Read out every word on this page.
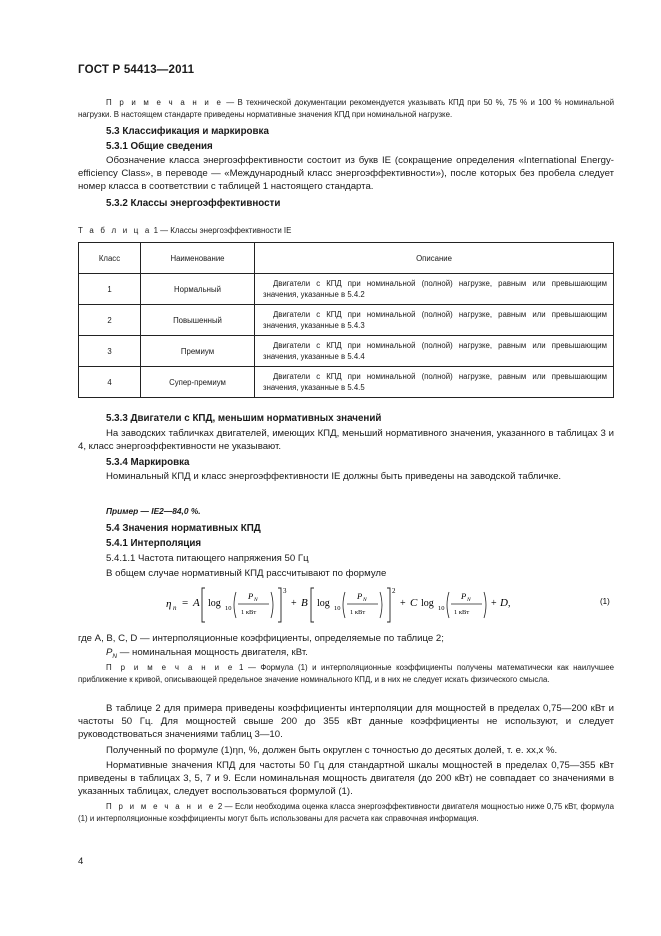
ГОСТ Р 54413—2011

П р и м е ч а н и е — В технической документации рекомендуется указывать КПД при 50 %, 75 % и 100 % номинальной нагрузки. В настоящем стандарте приведены нормативные значения КПД при номинальной нагрузке.

5.3 Классификация и маркировка
5.3.1 Общие сведения

Обозначение класса энергоэффективности состоит из букв IE (сокращение определения «International Energy-efficiency Class», в переводе — «Международный класс энергоэффективности»), после которых без пробела следует номер класса в соответствии с таблицей 1 настоящего стандарта.

5.3.2 Классы энергоэффективности
Т а б л и ц а 1 — Классы энергоэффективности IE
Класс	Наименование	Описание
1	Нормальный	Двигатели с КПД при номинальной (полной) нагрузке, равным или превышающим значения, указанные в 5.4.2
2	Повышенный	Двигатели с КПД при номинальной (полной) нагрузке, равным или превышающим значения, указанные в 5.4.3
3	Премиум	Двигатели с КПД при номинальной (полной) нагрузке, равным или превышающим значения, указанные в 5.4.4
4	Супер-премиум	Двигатели с КПД при номинальной (полной) нагрузке, равным или превышающим значения, указанные в 5.4.5
5.3.3 Двигатели с КПД, меньшим нормативных значений

На заводских табличках двигателей, имеющих КПД, меньший нормативного значения, указанного в таблицах 3 и 4, класс энергоэффективности не указывают.

5.3.4 Маркировка

Номинальный КПД и класс энергоэффективности IE должны быть приведены на заводской табличке.

Пример — IE2—84,0 %.
5.4 Значения нормативных КПД
5.4.1 Интерполяция
5.4.1.1 Частота питающего напряжения 50 Гц
В общем случае нормативный КПД рассчитывают по формуле
η n = A log 10
P N
1 кВт
3
+ B log 10
P N
1 кВт
2
+ C log 10
P N
1 кВт
+ D ,	(1)
где A, B, C, D — интерполяционные коэффициенты, определяемые по таблице 2;
$P_N$ — номинальная мощность двигателя, кВт.

П р и м е ч а н и е 1 — Формула (1) и интерполяционные коэффициенты получены математически как наилучшее приближение к кривой, описывающей предельное значение номинального КПД, и в них не следует искать физического смысла.

В таблице 2 для примера приведены коэффициенты интерполяции для мощностей в пределах 0,75—200 кВт и частоты 50 Гц. Для мощностей свыше 200 до 355 кВт данные коэффициенты не используют, и следует руководствоваться значениями таблиц 3—10.

Полученный по формуле (1)ηn, %, должен быть округлен с точностью до десятых долей, т. е. xx,x %.

Нормативные значения КПД для частоты 50 Гц для стандартной шкалы мощностей в пределах 0,75—355 кВт приведены в таблицах 3, 5, 7 и 9. Если номинальная мощность двигателя (до 200 кВт) не совпадает со значениями в указанных таблицах, следует воспользоваться формулой (1).

П р и м е ч а н и е 2 — Если необходима оценка класса энергоэффективности двигателя мощностью ниже 0,75 кВт, формула (1) и интерполяционные коэффициенты могут быть использованы для расчета как справочная информация.

4
